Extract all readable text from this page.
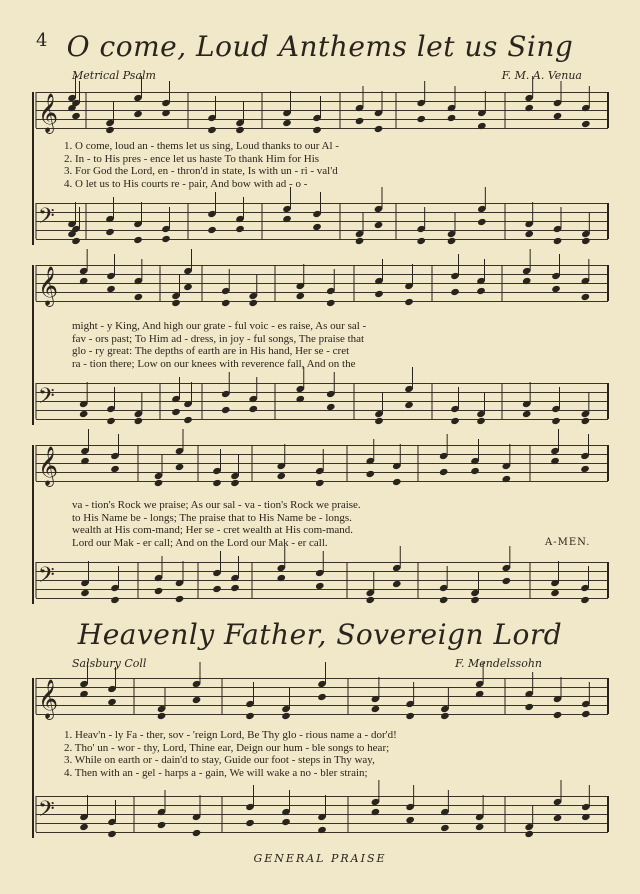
4 O come, Loud Anthems let us Sing
Metrical Psalm	F. M. A. Venua
1. O come, loud an - thems let us sing, Loud thanks to our Al -
2. In - to His pres - ence let us haste To thank Him for His
3. For God the Lord, en - thron'd in state, Is with un - ri - val'd
4. O let us to His courts re - pair, And bow with ad - o -
might - y King, And high our grate - ful voic - es raise, As our sal -
fav - ors past; To Him ad - dress, in joy - ful songs, The praise that
glo - ry great: The depths of earth are in His hand, Her se - cret
ra - tion there; Low on our knees with reverence fall, And on the
va - tion's Rock we praise; As our sal - va - tion's Rock we praise.
to His Name be - longs; The praise that to His Name be - longs.
wealth at His com-mand; Her se - cret wealth at His com-mand.
Lord our Mak - er call; And on the Lord our Mak - er call.	A-MEN.
Heavenly Father, Sovereign Lord
Salsbury Coll	F. Mendelssohn
1. Heav'n - ly Fa - ther, sov - 'reign Lord, Be Thy glo - rious name a - dor'd!
2. Tho' un - wor - thy, Lord, Thine ear, Deign our hum - ble songs to hear;
3. While on earth or - dain'd to stay, Guide our foot - steps in Thy way,
4. Then with an - gel - harps a - gain, We will wake a no - bler strain;
GENERAL PRAISE
𝄞
𝄢
𝄞
𝄢
𝄞
𝄢
𝄞
𝄢
